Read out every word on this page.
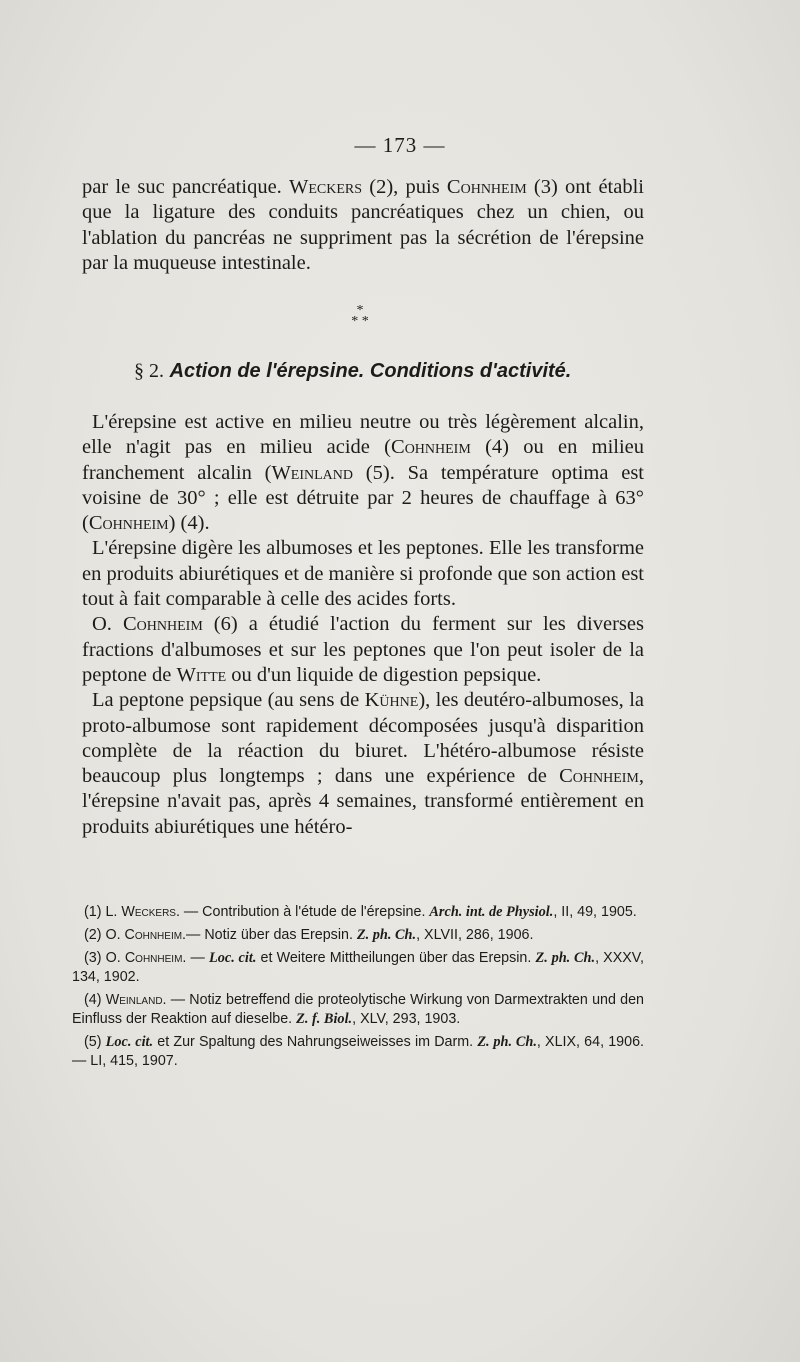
— 173 —
par le suc pancréatique. Weckers (2), puis Cohnheim (3) ont établi que la ligature des conduits pancréatiques chez un chien, ou l'ablation du pancréas ne suppriment pas la sécrétion de l'érepsine par la muqueuse intestinale.
*
* *
§ 2. Action de l'érepsine. Conditions d'activité.

L'érepsine est active en milieu neutre ou très légèrement alcalin, elle n'agit pas en milieu acide (Cohnheim (4) ou en milieu franchement alcalin (Weinland (5). Sa température optima est voisine de 30° ; elle est détruite par 2 heures de chauffage à 63° (Cohnheim) (4).

L'érepsine digère les albumoses et les peptones. Elle les transforme en produits abiurétiques et de manière si profonde que son action est tout à fait comparable à celle des acides forts.

O. Cohnheim (6) a étudié l'action du ferment sur les diverses fractions d'albumoses et sur les peptones que l'on peut isoler de la peptone de Witte ou d'un liquide de digestion pepsique.

La peptone pepsique (au sens de Kühne), les deutéro-albumoses, la proto-albumose sont rapidement décomposées jusqu'à disparition complète de la réaction du biuret. L'hétéro-albumose résiste beaucoup plus longtemps ; dans une expérience de Cohnheim, l'érepsine n'avait pas, après 4 semaines, transformé entièrement en produits abiurétiques une hétéro-

(1) L. Weckers. — Contribution à l'étude de l'érepsine. Arch. int. de Physiol., II, 49, 1905.

(2) O. Cohnheim.— Notiz über das Erepsin. Z. ph. Ch., XLVII, 286, 1906.

(3) O. Cohnheim. — Loc. cit. et Weitere Mittheilungen über das Erepsin. Z. ph. Ch., XXXV, 134, 1902.

(4) Weinland. — Notiz betreffend die proteolytische Wirkung von Darmextrakten und den Einfluss der Reaktion auf dieselbe. Z. f. Biol., XLV, 293, 1903.

(5) Loc. cit. et Zur Spaltung des Nahrungseiweisses im Darm. Z. ph. Ch., XLIX, 64, 1906. — LI, 415, 1907.
